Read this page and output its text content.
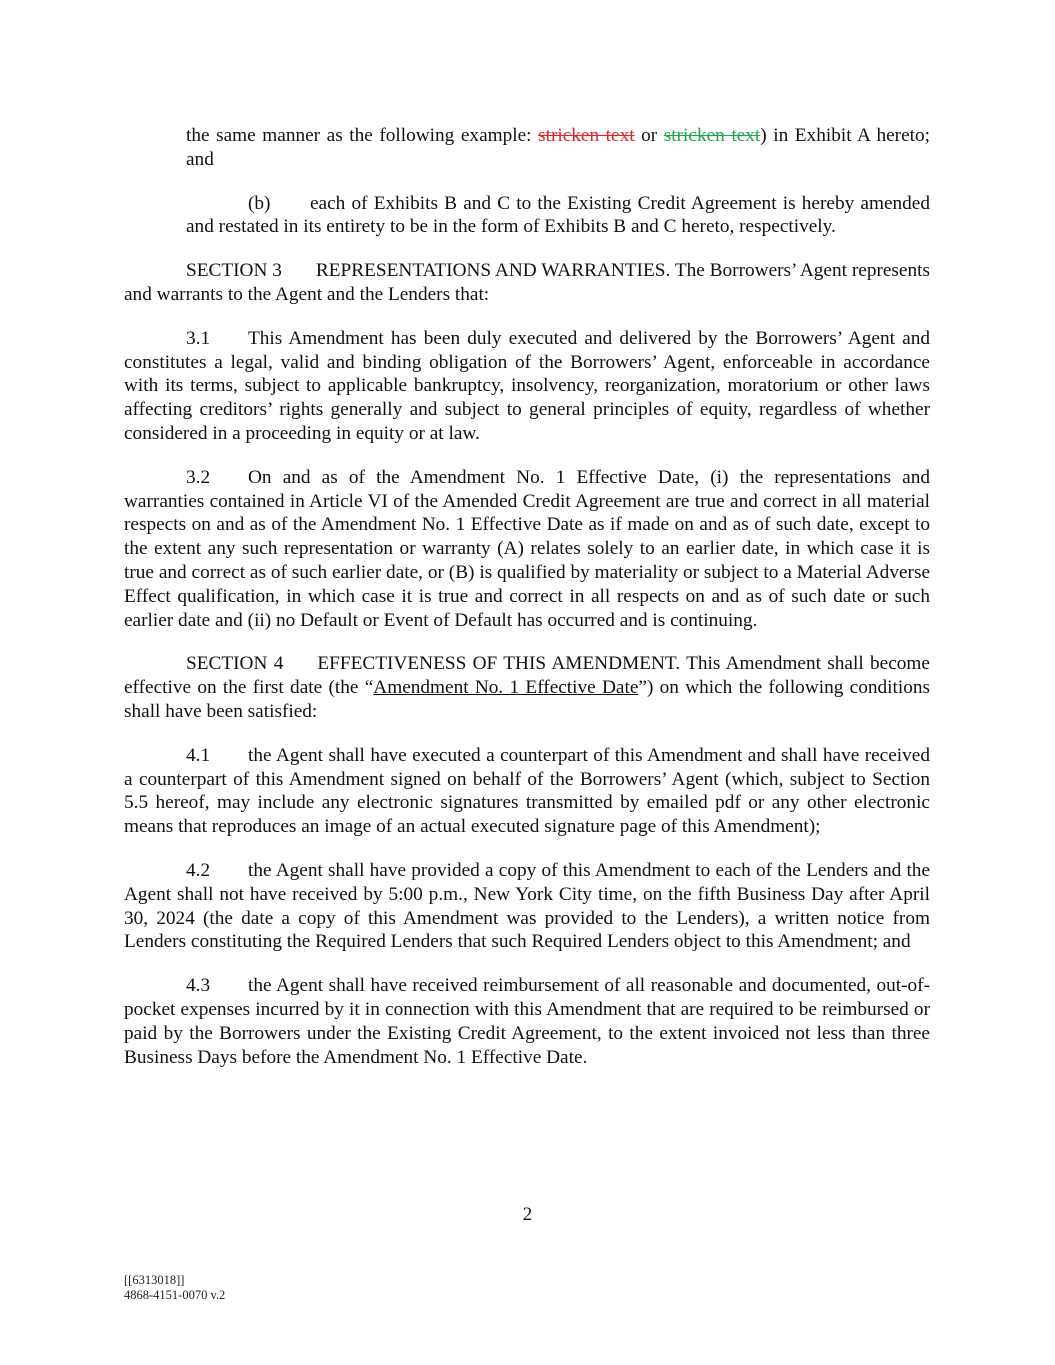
the same manner as the following example: stricken text or stricken text) in Exhibit A hereto; and

(b) each of Exhibits B and C to the Existing Credit Agreement is hereby amended and restated in its entirety to be in the form of Exhibits B and C hereto, respectively.

SECTION 3 REPRESENTATIONS AND WARRANTIES. The Borrowers’ Agent represents and warrants to the Agent and the Lenders that:

3.1 This Amendment has been duly executed and delivered by the Borrowers’ Agent and constitutes a legal, valid and binding obligation of the Borrowers’ Agent, enforceable in accordance with its terms, subject to applicable bankruptcy, insolvency, reorganization, moratorium or other laws affecting creditors’ rights generally and subject to general principles of equity, regardless of whether considered in a proceeding in equity or at law.

3.2 On and as of the Amendment No. 1 Effective Date, (i) the representations and warranties contained in Article VI of the Amended Credit Agreement are true and correct in all material respects on and as of the Amendment No. 1 Effective Date as if made on and as of such date, except to the extent any such representation or warranty (A) relates solely to an earlier date, in which case it is true and correct as of such earlier date, or (B) is qualified by materiality or subject to a Material Adverse Effect qualification, in which case it is true and correct in all respects on and as of such date or such earlier date and (ii) no Default or Event of Default has occurred and is continuing.

SECTION 4 EFFECTIVENESS OF THIS AMENDMENT. This Amendment shall become effective on the first date (the “Amendment No. 1 Effective Date”) on which the following conditions shall have been satisfied:

4.1 the Agent shall have executed a counterpart of this Amendment and shall have received a counterpart of this Amendment signed on behalf of the Borrowers’ Agent (which, subject to Section 5.5 hereof, may include any electronic signatures transmitted by emailed pdf or any other electronic means that reproduces an image of an actual executed signature page of this Amendment);

4.2 the Agent shall have provided a copy of this Amendment to each of the Lenders and the Agent shall not have received by 5:00 p.m., New York City time, on the fifth Business Day after April 30, 2024 (the date a copy of this Amendment was provided to the Lenders), a written notice from Lenders constituting the Required Lenders that such Required Lenders object to this Amendment; and

4.3 the Agent shall have received reimbursement of all reasonable and documented, out-of-pocket expenses incurred by it in connection with this Amendment that are required to be reimbursed or paid by the Borrowers under the Existing Credit Agreement, to the extent invoiced not less than three Business Days before the Amendment No. 1 Effective Date.

2
[[6313018]]
4868-4151-0070 v.2
